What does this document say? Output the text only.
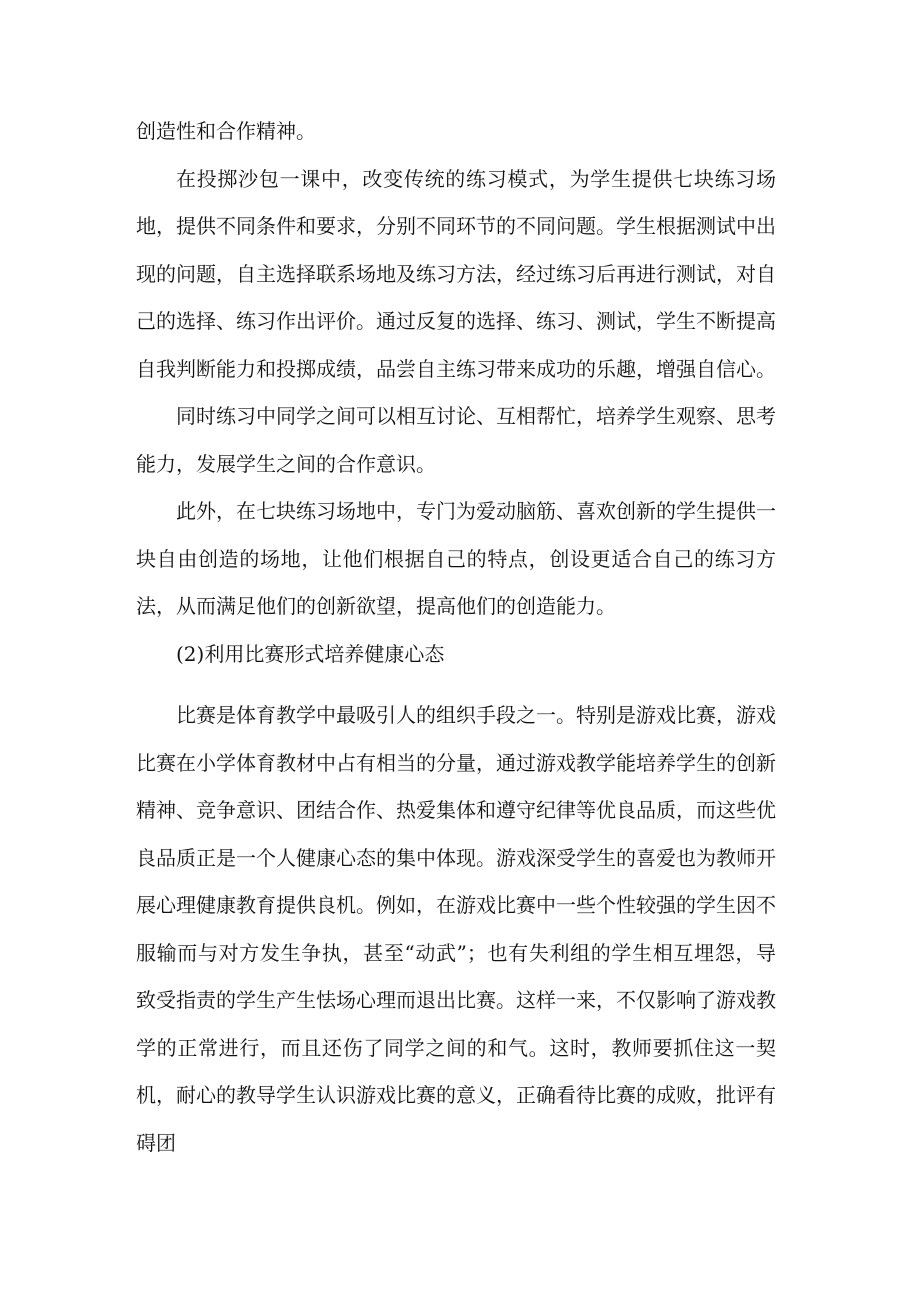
创造性和合作精神。

在投掷沙包一课中，改变传统的练习模式，为学生提供七块练习场地，提供不同条件和要求，分别不同环节的不同问题。学生根据测试中出现的问题，自主选择联系场地及练习方法，经过练习后再进行测试，对自己的选择、练习作出评价。通过反复的选择、练习、测试，学生不断提高自我判断能力和投掷成绩，品尝自主练习带来成功的乐趣，增强自信心。

同时练习中同学之间可以相互讨论、互相帮忙，培养学生观察、思考能力，发展学生之间的合作意识。

此外，在七块练习场地中，专门为爱动脑筋、喜欢创新的学生提供一块自由创造的场地，让他们根据自己的特点，创设更适合自己的练习方法，从而满足他们的创新欲望，提高他们的创造能力。

(2)利用比赛形式培养健康心态

比赛是体育教学中最吸引人的组织手段之一。特别是游戏比赛，游戏比赛在小学体育教材中占有相当的分量，通过游戏教学能培养学生的创新精神、竞争意识、团结合作、热爱集体和遵守纪律等优良品质，而这些优良品质正是一个人健康心态的集中体现。游戏深受学生的喜爱也为教师开展心理健康教育提供良机。例如，在游戏比赛中一些个性较强的学生因不服输而与对方发生争执，甚至“动武”；也有失利组的学生相互埋怨，导致受指责的学生产生怯场心理而退出比赛。这样一来，不仅影响了游戏教学的正常进行，而且还伤了同学之间的和气。这时，教师要抓住这一契机，耐心的教导学生认识游戏比赛的意义，正确看待比赛的成败，批评有碍团
